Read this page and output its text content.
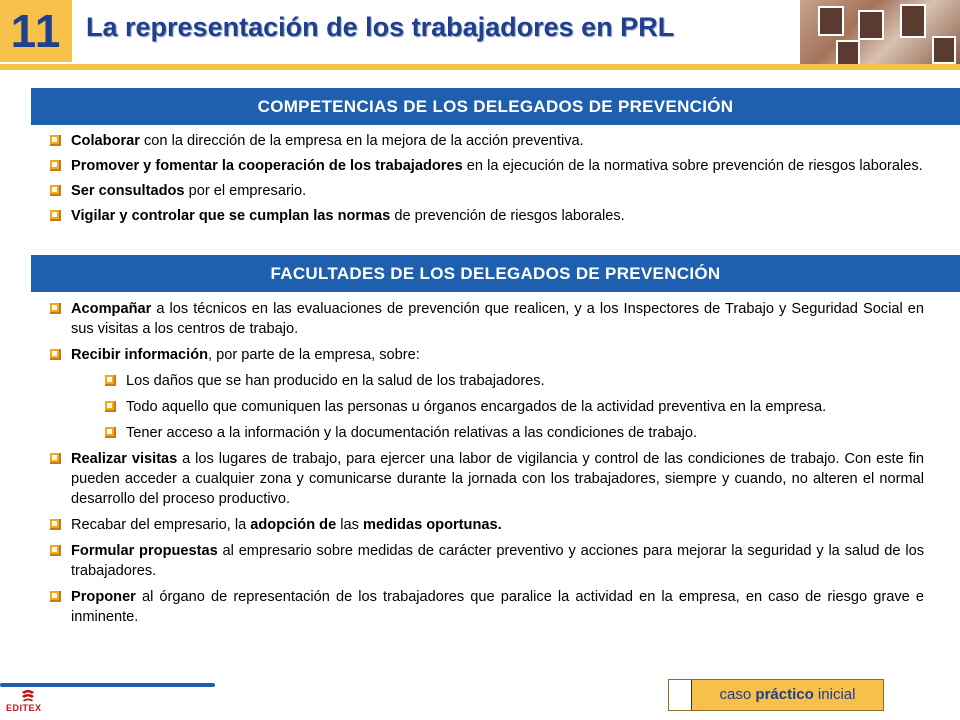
11 La representación de los trabajadores en PRL
COMPETENCIAS DE LOS DELEGADOS DE PREVENCIÓN
Colaborar con la dirección de la empresa en la mejora de la acción preventiva.
Promover y fomentar la cooperación de los trabajadores en la ejecución de la normativa sobre prevención de riesgos laborales.
Ser consultados por el empresario.
Vigilar y controlar que se cumplan las normas de prevención de riesgos laborales.
FACULTADES DE LOS DELEGADOS DE PREVENCIÓN
Acompañar a los técnicos en las evaluaciones de prevención que realicen, y a los Inspectores de Trabajo y Seguridad Social en sus visitas a los centros de trabajo.
Recibir información, por parte de la empresa, sobre:
Los daños que se han producido en la salud de los trabajadores.
Todo aquello que comuniquen las personas u órganos encargados de la actividad preventiva en la empresa.
Tener acceso a la información y la documentación relativas a las condiciones de trabajo.
Realizar visitas a los lugares de trabajo, para ejercer una labor de vigilancia y control de las condiciones de trabajo. Con este fin pueden acceder a cualquier zona y comunicarse durante la jornada con los trabajadores, siempre y cuando, no alteren el normal desarrollo del proceso productivo.
Recabar del empresario, la adopción de las medidas oportunas.
Formular propuestas al empresario sobre medidas de carácter preventivo y acciones para mejorar la seguridad y la salud de los trabajadores.
Proponer al órgano de representación de los trabajadores que paralice la actividad en la empresa, en caso de riesgo grave e inminente.
EDITEX
caso práctico inicial
